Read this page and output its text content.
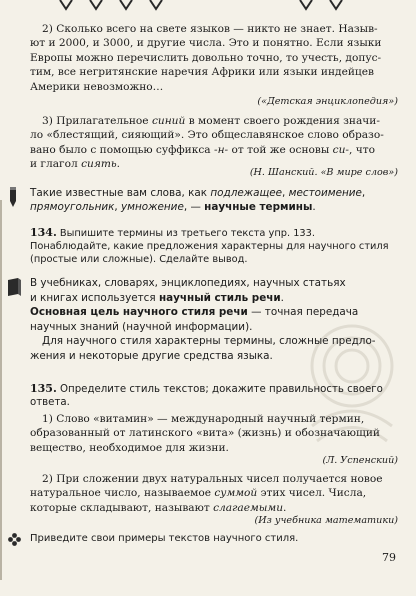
2) Сколько всего на свете языков — никто не знает. Назыв-
ют и 2000, и 3000, и другие числа. Это и понятно. Если языки
Европы можно перечислить довольно точно, то учесть, допус-
тим, все негритянские наречия Африки или языки индейцев
Америки невозможно…
(«Детская энциклопедия»)
3) Прилагательное синий в момент своего рождения значи-
ло «блестящий, сияющий». Это общеславянское слово образо-
вано было с помощью суффикса -н- от той же основы си-, что
и глагол сиять.
(Н. Шанский. «В мире слов»)
Такие известные вам слова, как подлежащее, местоимение,
прямоугольник, умножение, — научные термины.
134. Выпишите термины из третьего текста упр. 133.
Понаблюдайте, какие предложения характерны для научного стиля
(простые или сложные). Сделайте вывод.
В учебниках, словарях, энциклопедиях, научных статьях
и книгах используется научный стиль речи.
Основная цель научного стиля речи — точная передача
научных знаний (научной информации).
Для научного стиля характерны термины, сложные предло-
жения и некоторые другие средства языка.
135. Определите стиль текстов; докажите правильность своего
ответа.
1) Слово «витамин» — международный научный термин,
образованный от латинского «вита» (жизнь) и обозначающий
вещество, необходимое для жизни.
(Л. Успенский)
2) При сложении двух натуральных чисел получается новое
натуральное число, называемое суммой этих чисел. Числа,
которые складывают, называют слагаемыми.
(Из учебника математики)
Приведите свои примеры текстов научного стиля.
79
